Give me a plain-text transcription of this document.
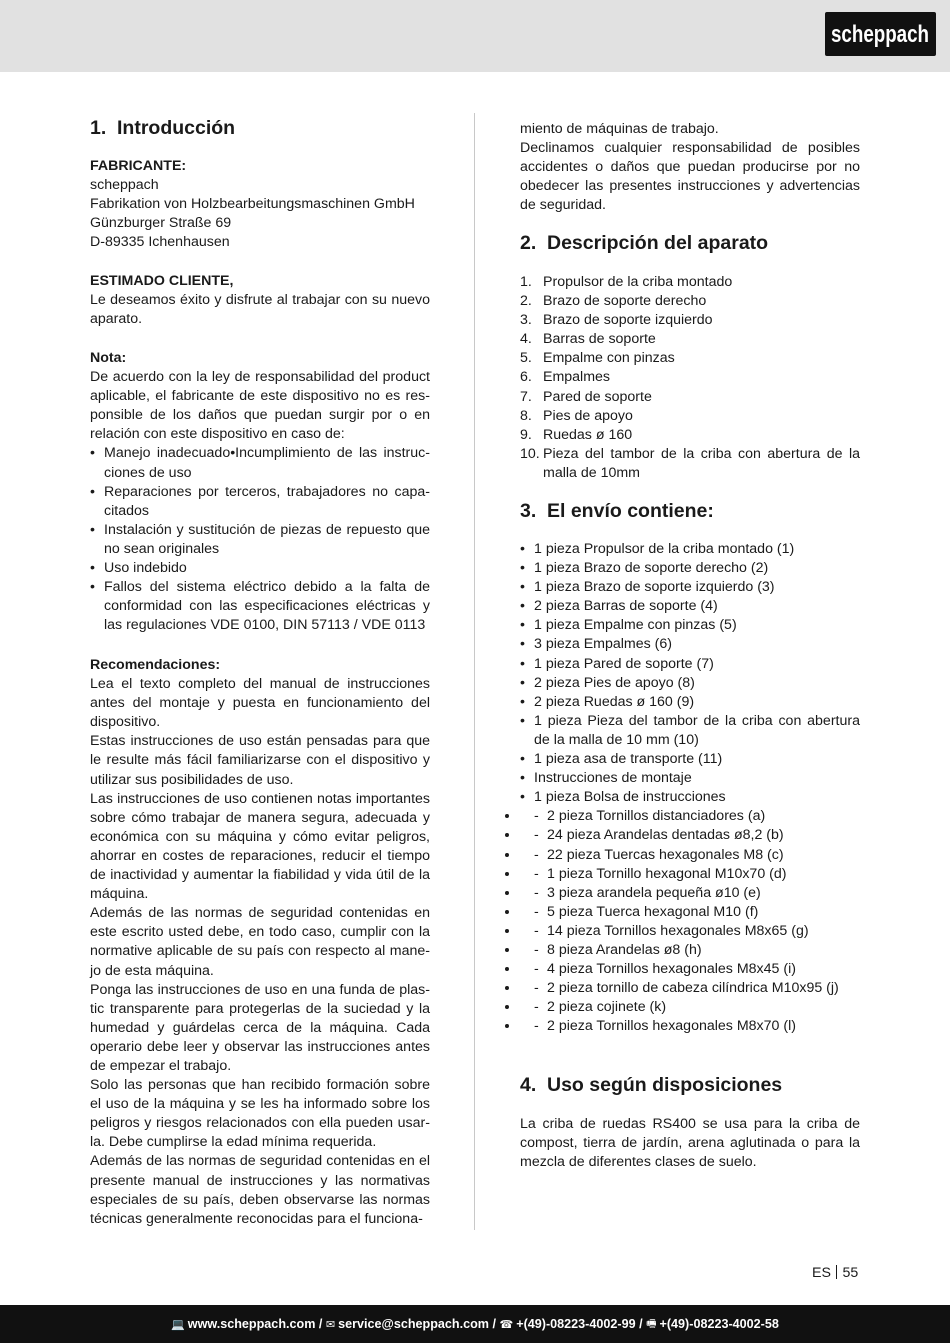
scheppach
1. Introducción
FABRICANTE:
scheppach
Fabrikation von Holzbearbeitungsmaschinen GmbH
Günzburger Straße 69
D-89335 Ichenhausen
ESTIMADO CLIENTE,

Le deseamos éxito y disfrute al trabajar con su nuevo aparato.

Nota:

De acuerdo con la ley de responsabilidad del product aplicable, el fabricante de este dispositivo no es responsible de los daños que puedan surgir por o en relación con este dispositivo en caso de:

• Manejo inadecuado•Incumplimiento de las instrucciones de uso
• Reparaciones por terceros, trabajadores no capacitados
• Instalación y sustitución de piezas de repuesto que no sean originales
• Uso indebido
• Fallos del sistema eléctrico debido a la falta de conformidad con las especificaciones eléctricas y las regulaciones VDE 0100, DIN 57113 / VDE 0113
Recomendaciones:

Lea el texto completo del manual de instrucciones antes del montaje y puesta en funcionamiento del dispositivo.

Estas instrucciones de uso están pensadas para que le resulte más fácil familiarizarse con el dispositivo y utilizar sus posibilidades de uso.

Las instrucciones de uso contienen notas importantes sobre cómo trabajar de manera segura, adecuada y económica con su máquina y cómo evitar peligros, ahorrar en costes de reparaciones, reducir el tiempo de inactividad y aumentar la fiabilidad y vida útil de la máquina.

Además de las normas de seguridad contenidas en este escrito usted debe, en todo caso, cumplir con la normative aplicable de su país con respecto al manejo de esta máquina.

Ponga las instrucciones de uso en una funda de plastic transparente para protegerlas de la suciedad y la humedad y guárdelas cerca de la máquina. Cada operario debe leer y observar las instrucciones antes de empezar el trabajo.

Solo las personas que han recibido formación sobre el uso de la máquina y se les ha informado sobre los peligros y riesgos relacionados con ella pueden usarla. Debe cumplirse la edad mínima requerida.

Además de las normas de seguridad contenidas en el presente manual de instrucciones y las normativas especiales de su país, deben observarse las normas técnicas generalmente reconocidas para el funciona-

miento de máquinas de trabajo.

Declinamos cualquier responsabilidad de posibles accidentes o daños que puedan producirse por no obedecer las presentes instrucciones y advertencias de seguridad.

2. Descripción del aparato
1. Propulsor de la criba montado
2. Brazo de soporte derecho
3. Brazo de soporte izquierdo
4. Barras de soporte
5. Empalme con pinzas
6. Empalmes
7. Pared de soporte
8. Pies de apoyo
9. Ruedas ø 160
10. Pieza del tambor de la criba con abertura de la malla de 10mm
3. El envío contiene:
• 1 pieza Propulsor de la criba montado (1)
• 1 pieza Brazo de soporte derecho (2)
• 1 pieza Brazo de soporte izquierdo (3)
• 2 pieza Barras de soporte (4)
• 1 pieza Empalme con pinzas (5)
• 3 pieza Empalmes (6)
• 1 pieza Pared de soporte (7)
• 2 pieza Pies de apoyo (8)
• 2 pieza Ruedas ø 160 (9)
• 1 pieza Pieza del tambor de la criba con abertura de la malla de 10 mm (10)
• 1 pieza asa de transporte (11)
• Instrucciones de montaje
• 1 pieza Bolsa de instrucciones
- • 2 pieza Tornillos distanciadores (a)
- • 24 pieza Arandelas dentadas ø8,2 (b)
- • 22 pieza Tuercas hexagonales M8 (c)
- • 1 pieza Tornillo hexagonal M10x70 (d)
- • 3 pieza arandela pequeña ø10 (e)
- • 5 pieza Tuerca hexagonal M10 (f)
- • 14 pieza Tornillos hexagonales M8x65 (g)
- • 8 pieza Arandelas ø8 (h)
- • 4 pieza Tornillos hexagonales M8x45 (i)
- • 2 pieza tornillo de cabeza cilíndrica M10x95 (j)
- • 2 pieza cojinete (k)
- • 2 pieza Tornillos hexagonales M8x70 (l)
4. Uso según disposiciones

La criba de ruedas RS400 se usa para la criba de compost, tierra de jardín, arena aglutinada o para la mezcla de diferentes clases de suelo.

ES 55
💻 www.scheppach.com / ✉ service@scheppach.com / ☎ +(49)-08223-4002-99 / 🖷 +(49)-08223-4002-58
